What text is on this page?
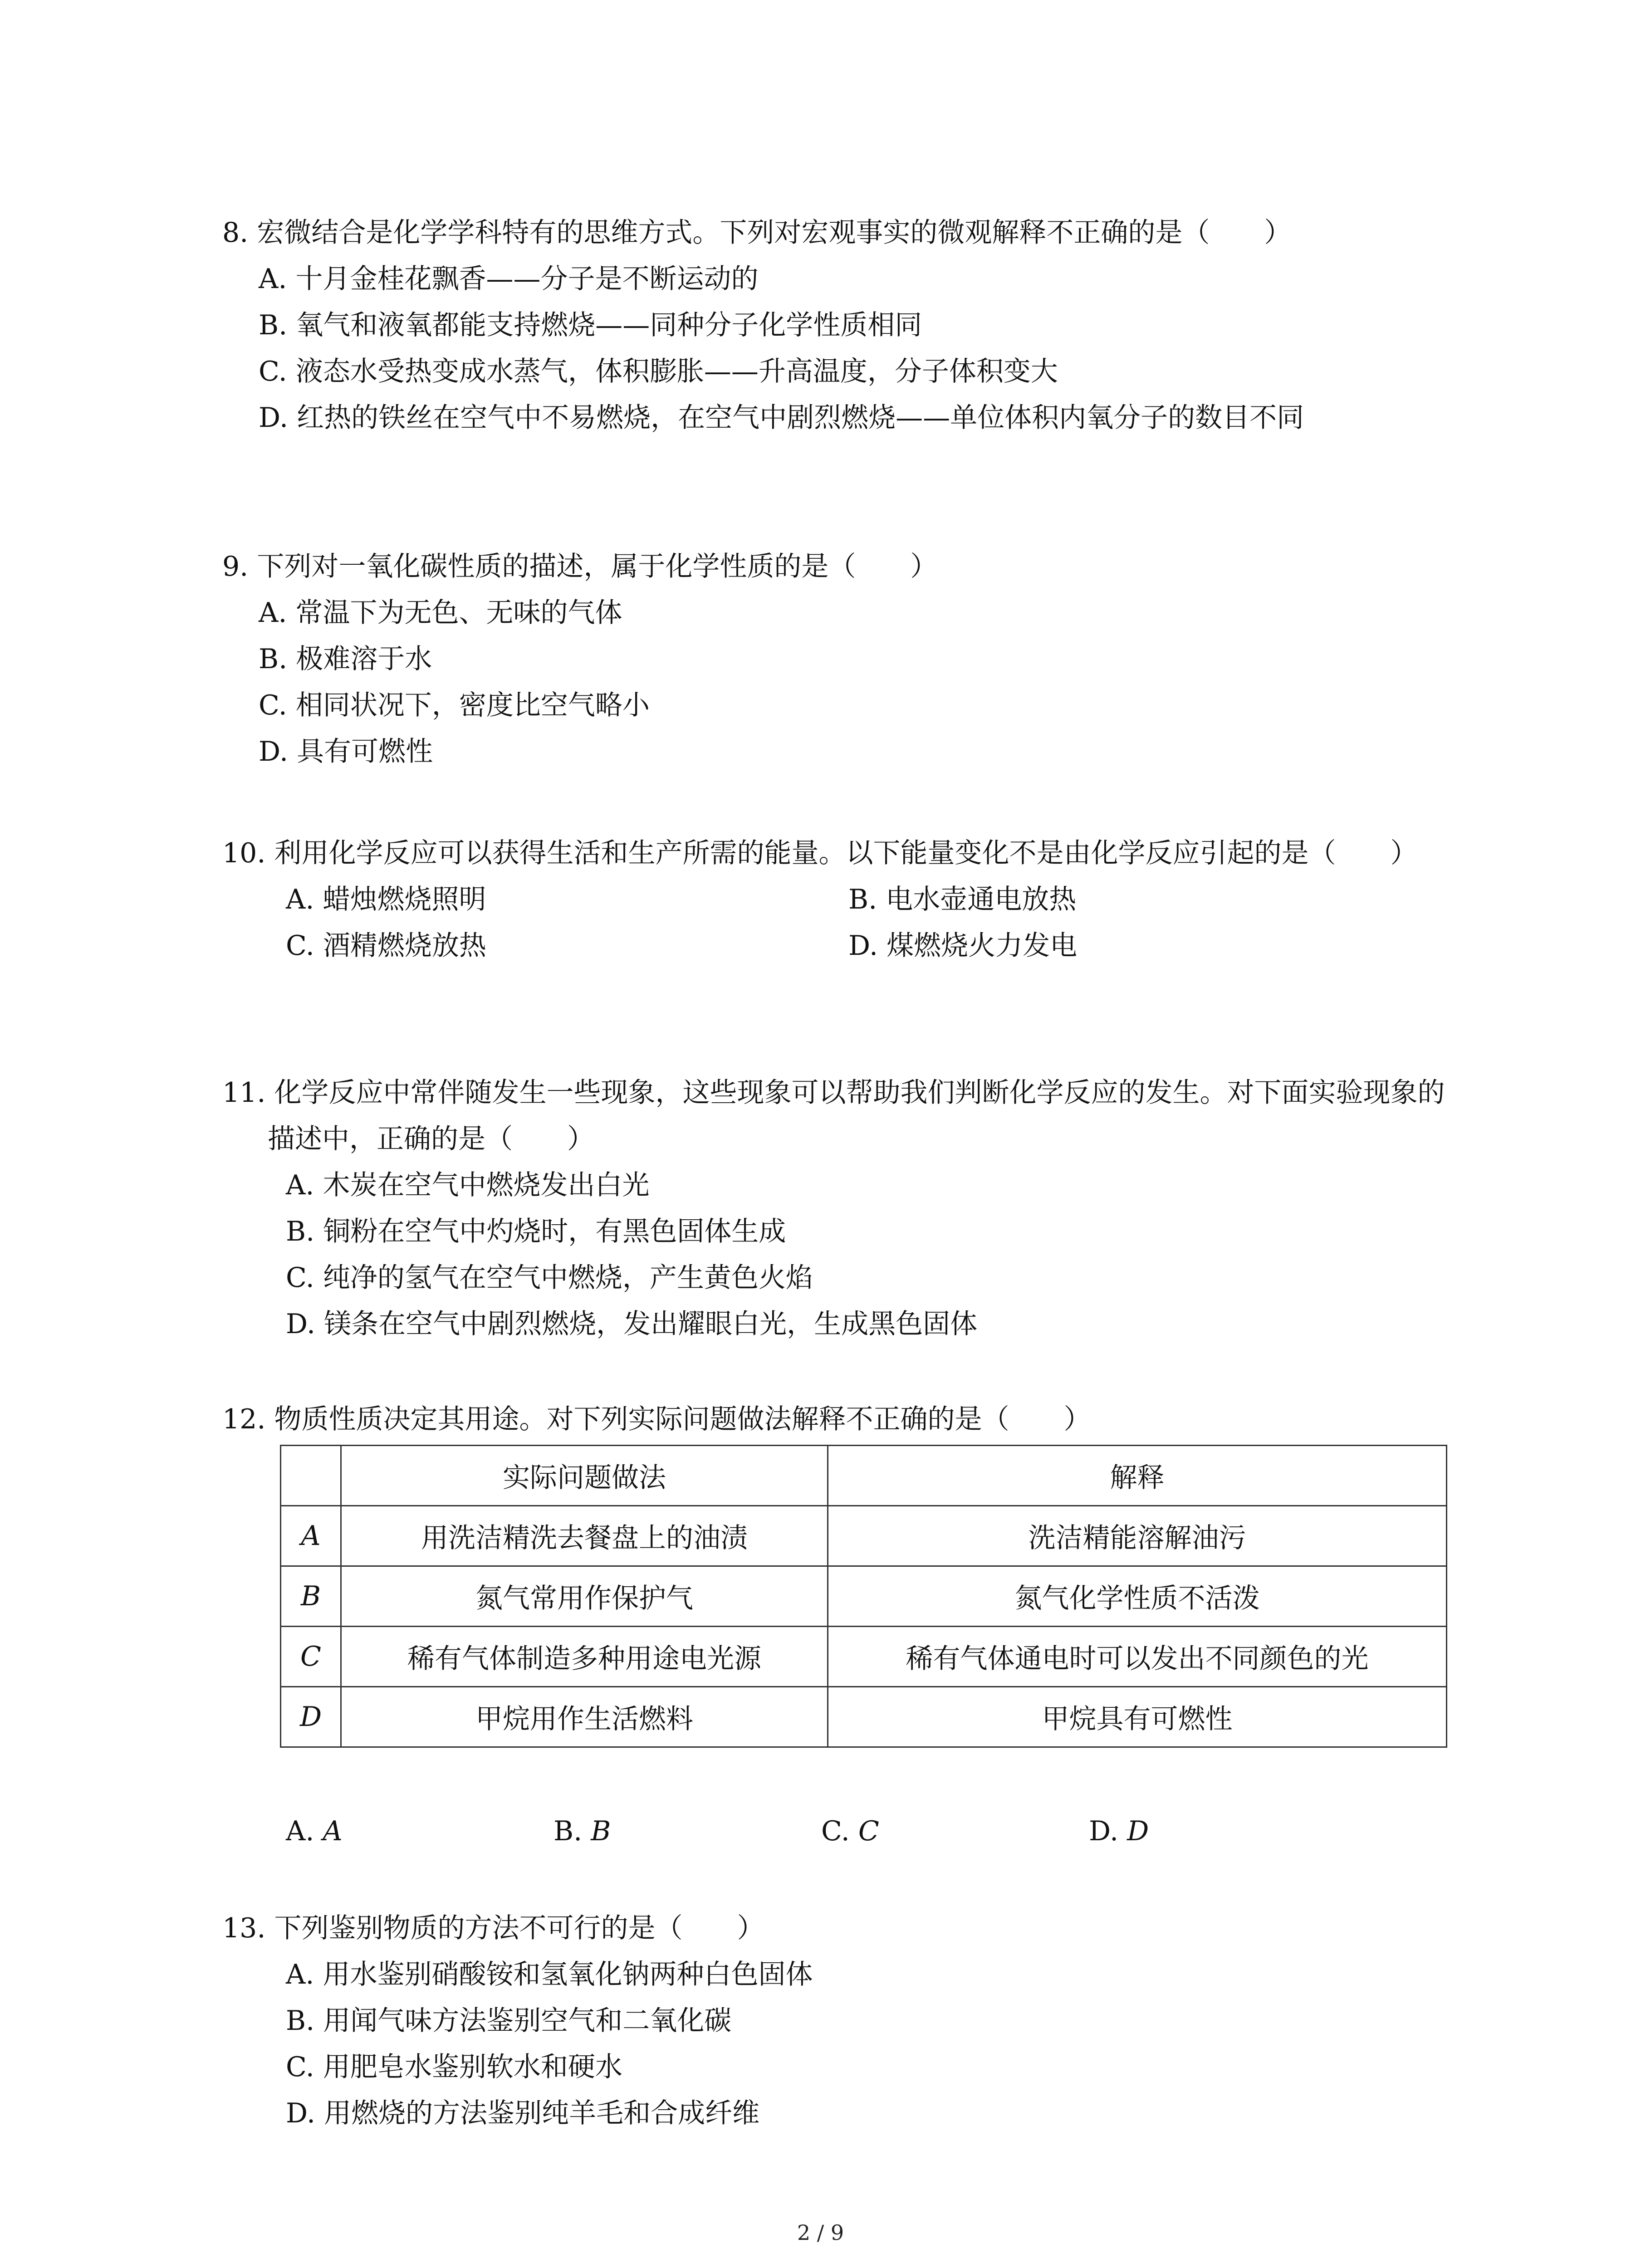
8. 宏微结合是化学学科特有的思维方式。下列对宏观事实的微观解释不正确的是（　　）
A. 十月金桂花飘香——分子是不断运动的
B. 氧气和液氧都能支持燃烧——同种分子化学性质相同
C. 液态水受热变成水蒸气，体积膨胀——升高温度，分子体积变大
D. 红热的铁丝在空气中不易燃烧，在空气中剧烈燃烧——单位体积内氧分子的数目不同
9. 下列对一氧化碳性质的描述，属于化学性质的是（　　）
A. 常温下为无色、无味的气体
B. 极难溶于水
C. 相同状况下，密度比空气略小
D. 具有可燃性
10. 利用化学反应可以获得生活和生产所需的能量。以下能量变化不是由化学反应引起的是（　　）
A. 蜡烛燃烧照明	B. 电水壶通电放热
C. 酒精燃烧放热	D. 煤燃烧火力发电
11. 化学反应中常伴随发生一些现象，这些现象可以帮助我们判断化学反应的发生。对下面实验现象的描述中，正确的是（　　）
A. 木炭在空气中燃烧发出白光
B. 铜粉在空气中灼烧时，有黑色固体生成
C. 纯净的氢气在空气中燃烧，产生黄色火焰
D. 镁条在空气中剧烈燃烧，发出耀眼白光，生成黑色固体
12. 物质性质决定其用途。对下列实际问题做法解释不正确的是（　　）
	实际问题做法	解释
A	用洗洁精洗去餐盘上的油渍	洗洁精能溶解油污
B	氮气常用作保护气	氮气化学性质不活泼
C	稀有气体制造多种用途电光源	稀有气体通电时可以发出不同颜色的光
D	甲烷用作生活燃料	甲烷具有可燃性
A. A	B. B	C. C	D. D
13. 下列鉴别物质的方法不可行的是（　　）
A. 用水鉴别硝酸铵和氢氧化钠两种白色固体
B. 用闻气味方法鉴别空气和二氧化碳
C. 用肥皂水鉴别软水和硬水
D. 用燃烧的方法鉴别纯羊毛和合成纤维
2 / 9
